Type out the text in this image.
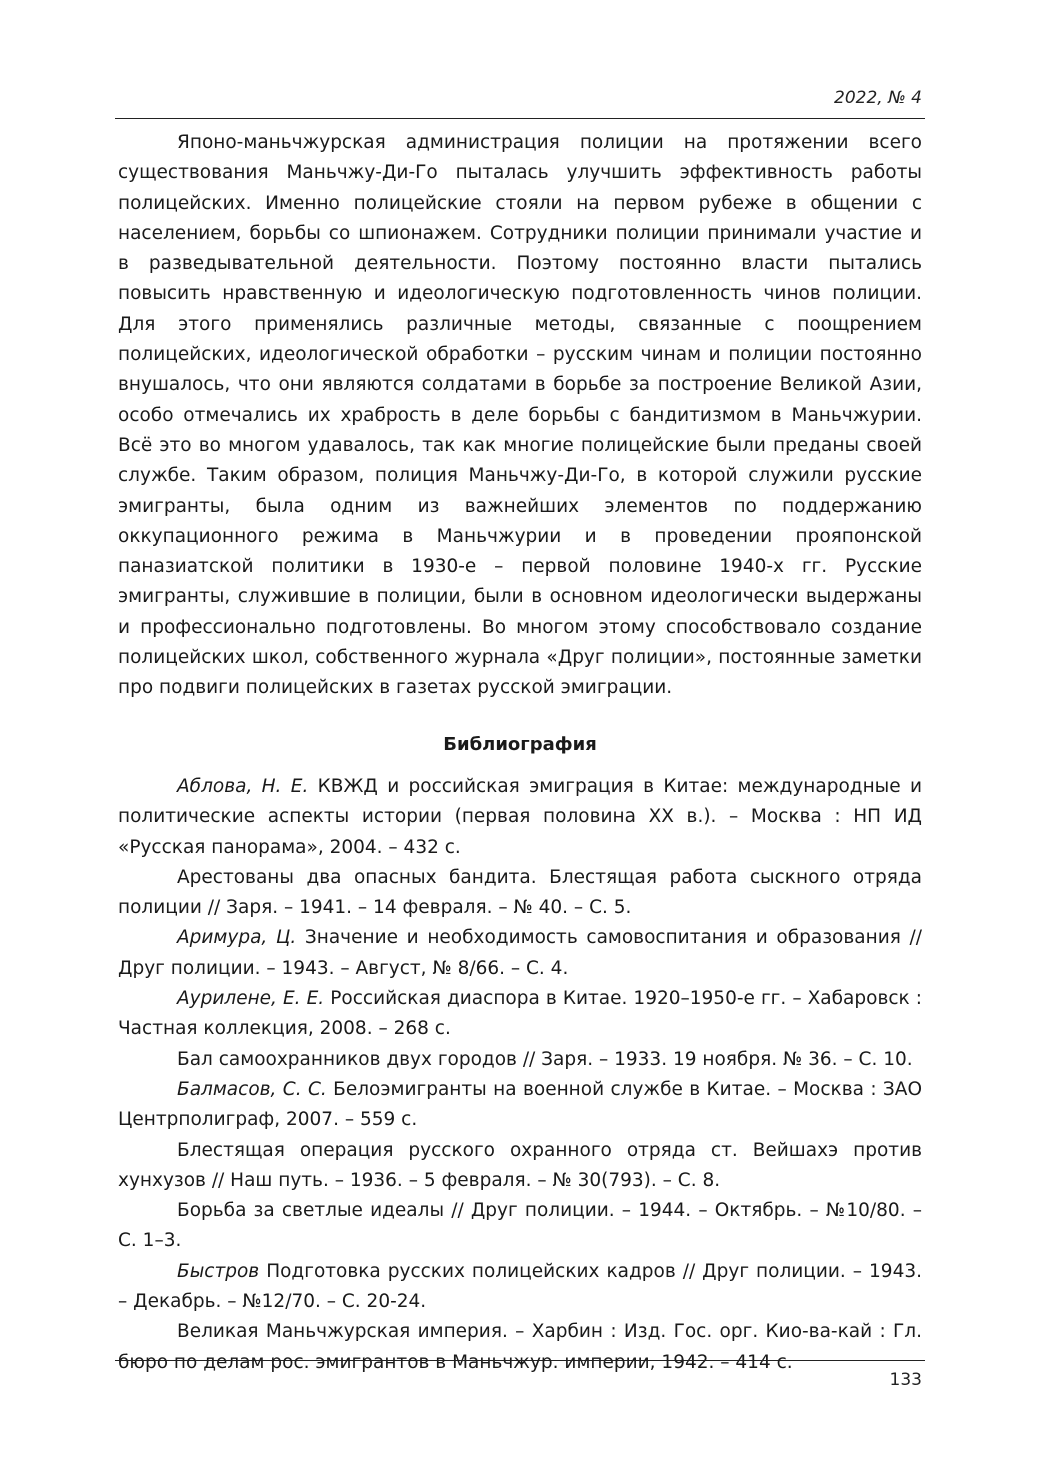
2022, № 4

Японо-маньчжурская администрация полиции на протяжении всего существования Маньчжу-Ди-Го пыталась улучшить эффективность работы полицейских. Именно полицейские стояли на первом рубеже в общении с населением, борьбы со шпионажем. Сотрудники полиции принимали участие и в разведывательной деятельности. Поэтому постоянно власти пытались повысить нравственную и идеологическую подготовленность чинов полиции. Для этого применялись различные методы, связанные с поощрением полицейских, идеологической обработки – русским чинам и полиции постоянно внушалось, что они являются солдатами в борьбе за построение Великой Азии, особо отмечались их храбрость в деле борьбы с бандитизмом в Маньчжурии. Всё это во многом удавалось, так как многие полицейские были преданы своей службе. Таким образом, полиция Маньчжу-Ди-Го, в которой служили русские эмигранты, была одним из важнейших элементов по поддержанию оккупационного режима в Маньчжурии и в проведении прояпонской паназиатской политики в 1930-е – первой половине 1940-х гг. Русские эмигранты, служившие в полиции, были в основном идеологически выдержаны и профессионально подготовлены. Во многом этому способствовало создание полицейских школ, собственного журнала «Друг полиции», постоянные заметки про подвиги полицейских в газетах русской эмиграции.

Библиография

Аблова, Н. Е. КВЖД и российская эмиграция в Китае: международные и политические аспекты истории (первая половина XX в.). – Москва : НП ИД «Русская панорама», 2004. – 432 с.

Арестованы два опасных бандита. Блестящая работа сыскного отряда полиции // Заря. – 1941. – 14 февраля. – № 40. – С. 5.

Аримура, Ц. Значение и необходимость самовоспитания и образования // Друг полиции. – 1943. – Август, № 8/66. – С. 4.

Аурилене, Е. Е. Российская диаспора в Китае. 1920–1950-е гг. – Хабаровск : Частная коллекция, 2008. – 268 с.

Бал самоохранников двух городов // Заря. – 1933. 19 ноября. № 36. – С. 10.

Балмасов, С. С. Белоэмигранты на военной службе в Китае. – Москва : ЗАО Центрполиграф, 2007. – 559 с.

Блестящая операция русского охранного отряда ст. Вейшахэ против хунхузов // Наш путь. – 1936. – 5 февраля. – № 30(793). – С. 8.

Борьба за светлые идеалы // Друг полиции. – 1944. – Октябрь. – №10/80. – С. 1–3.

Быстров Подготовка русских полицейских кадров // Друг полиции. – 1943. – Декабрь. – №12/70. – С. 20-24.

Великая Маньчжурская империя. – Харбин : Изд. Гос. орг. Кио-ва-кай : Гл. бюро по делам рос. эмигрантов в Маньчжур. империи, 1942. – 414 с.

133
